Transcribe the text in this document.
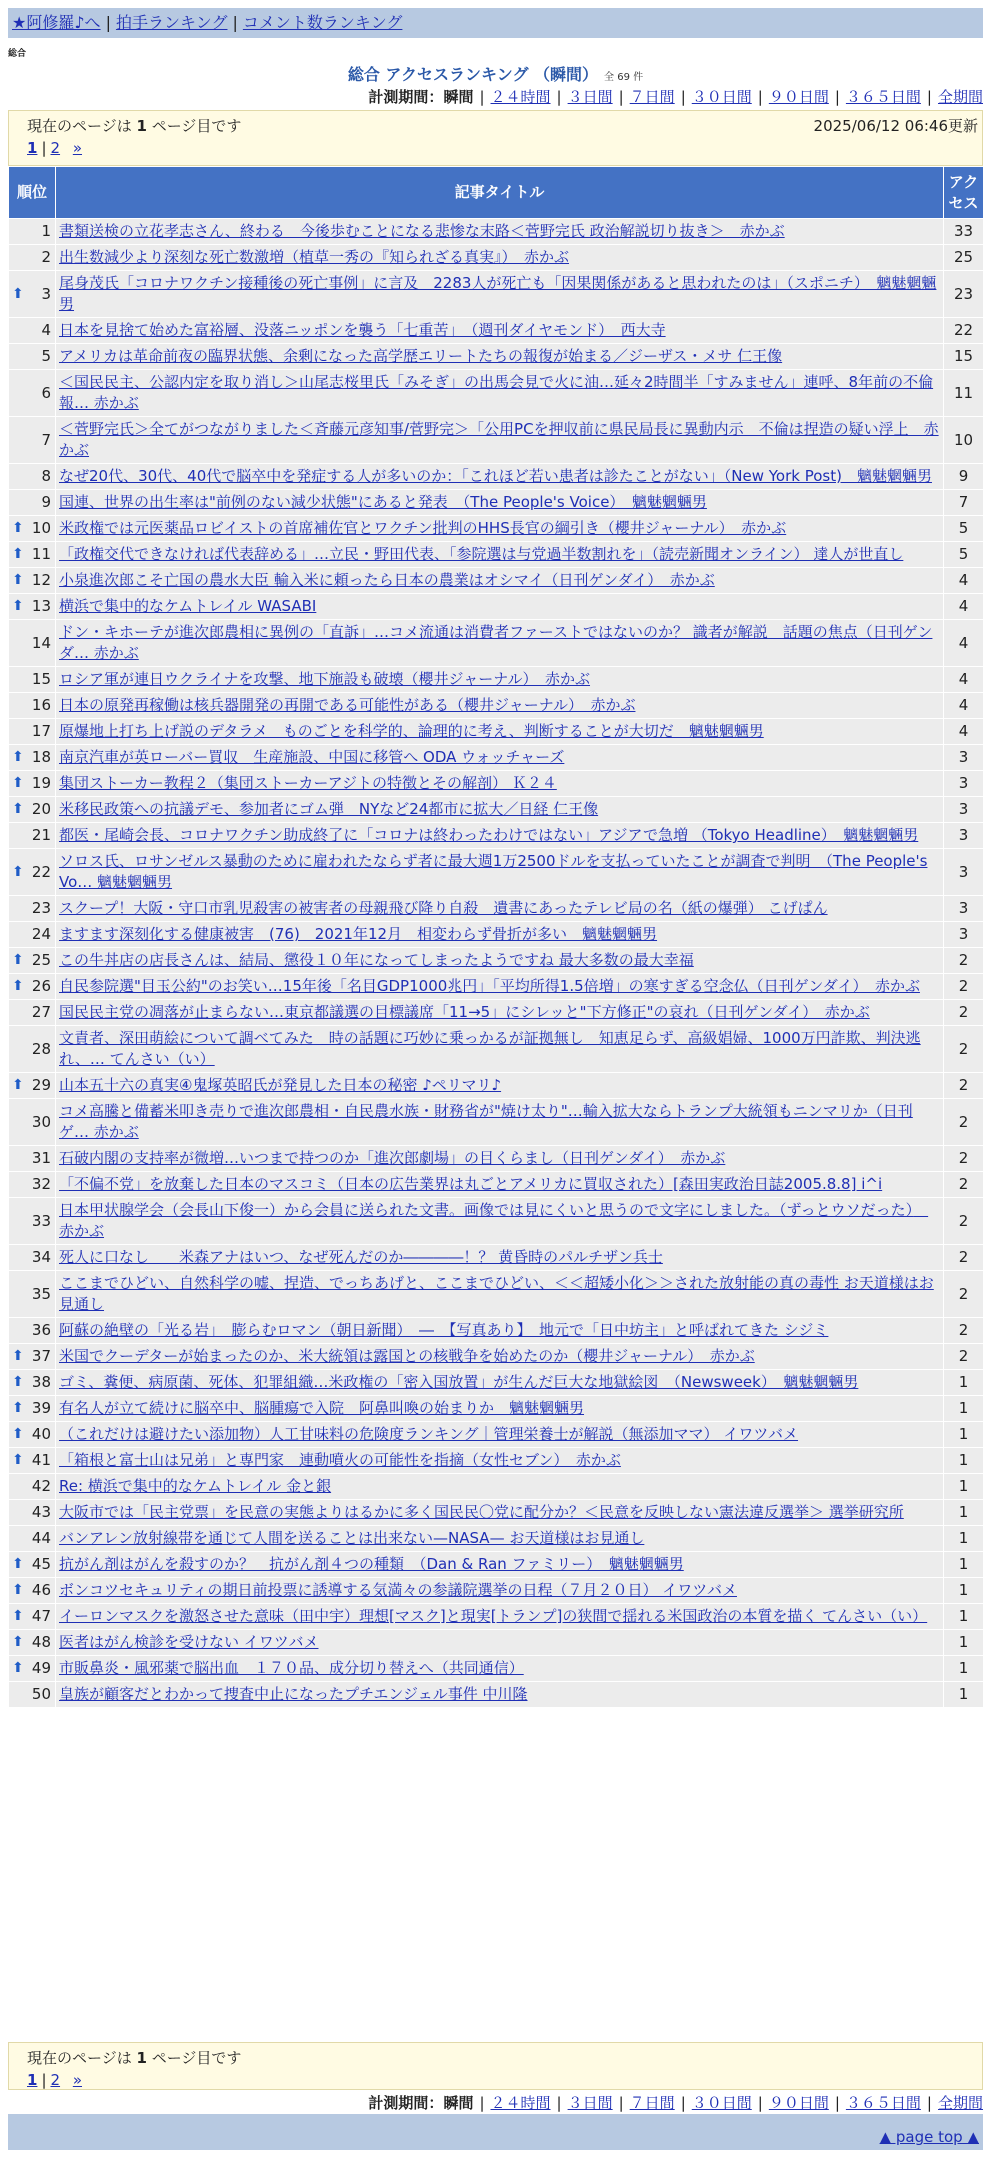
★阿修羅♪へ | 拍手ランキング | コメント数ランキング
総合
総合 アクセスランキング （瞬間） 全 69 件
計測期間：瞬間 | ２４時間 | ３日間 | ７日間 | ３０日間 | ９０日間 | ３６５日間 | 全期間
現在のページは 1 ページ目です	2025/06/12 06:46更新
1 | 2 »
順位	記事タイトル	アクセス
1	書類送検の立花孝志さん、終わる　今後歩むことになる悲惨な末路＜菅野完氏 政治解説切り抜き＞　赤かぶ	33
2	出生数減少より深刻な死亡数激増（植草一秀の『知られざる真実』）　赤かぶ	25

⬆ 3	尾身茂氏「コロナワクチン接種後の死亡事例」に言及　2283人が死亡も「因果関係があると思われたのは」（スポニチ）　魑魅魍魎男	23
4	日本を見捨て始めた富裕層、没落ニッポンを襲う「七重苦」　（週刊ダイヤモンド）　西大寺	22
5	アメリカは革命前夜の臨界状態、余剰になった高学歴エリートたちの報復が始まる／ジーザス・メサ 仁王像	15
6	＜国民民主、公認内定を取り消し＞山尾志桜里氏「みそぎ」の出馬会見で火に油…延々2時間半「すみません」連呼、8年前の不倫報… 赤かぶ	11
7	＜菅野完氏＞全てがつながりました＜斉藤元彦知事/菅野完＞「公用PCを押収前に県民局長に異動内示　不倫は捏造の疑い浮上　赤かぶ	10
8	なぜ20代、30代、40代で脳卒中を発症する人が多いのか：「これほど若い患者は診たことがない」（New York Post)　魑魅魍魎男	9
9	国連、世界の出生率は"前例のない減少状態"にあると発表　（The People's Voice）　魑魅魍魎男	7

⬆ 10	米政権では元医薬品ロビイストの首席補佐官とワクチン批判のHHS長官の綱引き（櫻井ジャーナル）　赤かぶ	5

⬆ 11	「政権交代できなければ代表辞める」…立民・野田代表、「参院選は与党過半数割れを」（読売新聞オンライン） 達人が世直し	5

⬆ 12	小泉進次郎こそ亡国の農水大臣 輸入米に頼ったら日本の農業はオシマイ（日刊ゲンダイ）　赤かぶ	4

⬆ 13	横浜で集中的なケムトレイル WASABI	4
14	ドン・キホーテが進次郎農相に異例の「直訴」…コメ流通は消費者ファーストではないのか？ 識者が解説　話題の焦点（日刊ゲンダ… 赤かぶ	4
15	ロシア軍が連日ウクライナを攻撃、地下施設も破壊（櫻井ジャーナル）　赤かぶ	4
16	日本の原発再稼働は核兵器開発の再開である可能性がある（櫻井ジャーナル）　赤かぶ	4
17	原爆地上打ち上げ説のデタラメ　ものごとを科学的、論理的に考え、判断することが大切だ　魑魅魍魎男	4

⬆ 18	南京汽車が英ローバー買収　生産施設、中国に移管へ ODA ウォッチャーズ	3

⬆ 19	集団ストーカー教程２（集団ストーカーアジトの特徴とその解剖） Ｋ２４	3

⬆ 20	米移民政策への抗議デモ、参加者にゴム弾　NYなど24都市に拡大／日経 仁王像	3
21	都医・尾崎会長、コロナワクチン助成終了に「コロナは終わったわけではない」アジアで急増 （Tokyo Headline）　魑魅魍魎男	3

⬆ 22	ソロス氏、ロサンゼルス暴動のために雇われたならず者に最大週1万2500ドルを支払っていたことが調査で判明　（The People's Vo… 魑魅魍魎男	3
23	スクープ！大阪・守口市乳児殺害の被害者の母親飛び降り自殺　遺書にあったテレビ局の名（紙の爆弾） こげぱん	3
24	ますます深刻化する健康被害　(76)　2021年12月　相変わらず骨折が多い　魑魅魍魎男	3

⬆ 25	この牛丼店の店長さんは、結局、懲役１０年になってしまったようですね 最大多数の最大幸福	2

⬆ 26	自民参院選"目玉公約"のお笑い…15年後「名目GDP1000兆円」「平均所得1.5倍増」の寒すぎる空念仏（日刊ゲンダイ）　赤かぶ	2
27	国民民主党の凋落が止まらない…東京都議選の目標議席「11→5」にシレッと"下方修正"の哀れ（日刊ゲンダイ）　赤かぶ	2
28	文責者、深田萌絵について調べてみた　時の話題に巧妙に乗っかるが証拠無し　知恵足らず、高級娼婦、1000万円詐欺、判決逃れ、… てんさい（い）	2

⬆ 29	山本五十六の真実④鬼塚英昭氏が発見した日本の秘密 ♪ペリマリ♪	2
30	コメ高騰と備蓄米叩き売りで進次郎農相・自民農水族・財務省が"焼け太り"…輸入拡大ならトランプ大統領もニンマリか（日刊ゲ… 赤かぶ	2
31	石破内閣の支持率が微増…いつまで持つのか「進次郎劇場」の目くらまし（日刊ゲンダイ）　赤かぶ	2
32	「不偏不党」を放棄した日本のマスコミ（日本の広告業界は丸ごとアメリカに買収された）[森田実政治日誌2005.8.8] i^i	2
33	日本甲状腺学会（会長山下俊一）から会員に送られた文書。画像では見にくいと思うので文字にしました。（ずっとウソだった）　赤かぶ	2
34	死人に口なし　　米森アナはいつ、なぜ死んだのか――――！？ 黄昏時のパルチザン兵士	2
35	ここまでひどい、自然科学の嘘、捏造、でっちあげと、ここまでひどい、＜＜超矮小化＞＞された放射能の真の毒性 お天道様はお見通し	2
36	阿蘇の絶壁の「光る岩」　膨らむロマン（朝日新聞）　―　【写真あり】　地元で「日中坊主」と呼ばれてきた シジミ	2

⬆ 37	米国でクーデターが始まったのか、米大統領は露国との核戦争を始めたのか（櫻井ジャーナル）　赤かぶ	2

⬆ 38	ゴミ、糞便、病原菌、死体、犯罪組織…米政権の「密入国放置」が生んだ巨大な地獄絵図　（Newsweek）　魑魅魍魎男	1

⬆ 39	有名人が立て続けに脳卒中、脳腫瘍で入院　阿鼻叫喚の始まりか　魑魅魍魎男	1

⬆ 40	（これだけは避けたい添加物）人工甘味料の危険度ランキング｜管理栄養士が解説（無添加ママ） イワツバメ	1

⬆ 41	「箱根と富士山は兄弟」と専門家　連動噴火の可能性を指摘（女性セブン）　赤かぶ	1
42	Re: 横浜で集中的なケムトレイル 金と銀	1
43	大阪市では「民主党票」を民意の実態よりはるかに多く国民民〇党に配分か？＜民意を反映しない憲法違反選挙＞ 選挙研究所	1
44	バンアレン放射線帯を通じて人間を送ることは出来ない—NASA— お天道様はお見通し	1

⬆ 45	抗がん剤はがんを殺すのか？　抗がん剤４つの種類　（Dan & Ran ファミリー）　魑魅魍魎男	1

⬆ 46	ボンコツセキュリティの期日前投票に誘導する気満々の参議院選挙の日程（７月２０日） イワツバメ	1

⬆ 47	イーロンマスクを激怒させた意味（田中宇）理想[マスク]と現実[トランプ]の狭間で揺れる米国政治の本質を描く てんさい（い）	1

⬆ 48	医者はがん検診を受けない イワツバメ	1

⬆ 49	市販鼻炎・風邪薬で脳出血　１７０品、成分切り替えへ（共同通信）	1
50	皇族が顧客だとわかって捜査中止になったプチエンジェル事件 中川隆	1
現在のページは 1 ページ目です
1 | 2 »
計測期間：瞬間 | ２４時間 | ３日間 | ７日間 | ３０日間 | ９０日間 | ３６５日間 | 全期間
▲ page top ▲
